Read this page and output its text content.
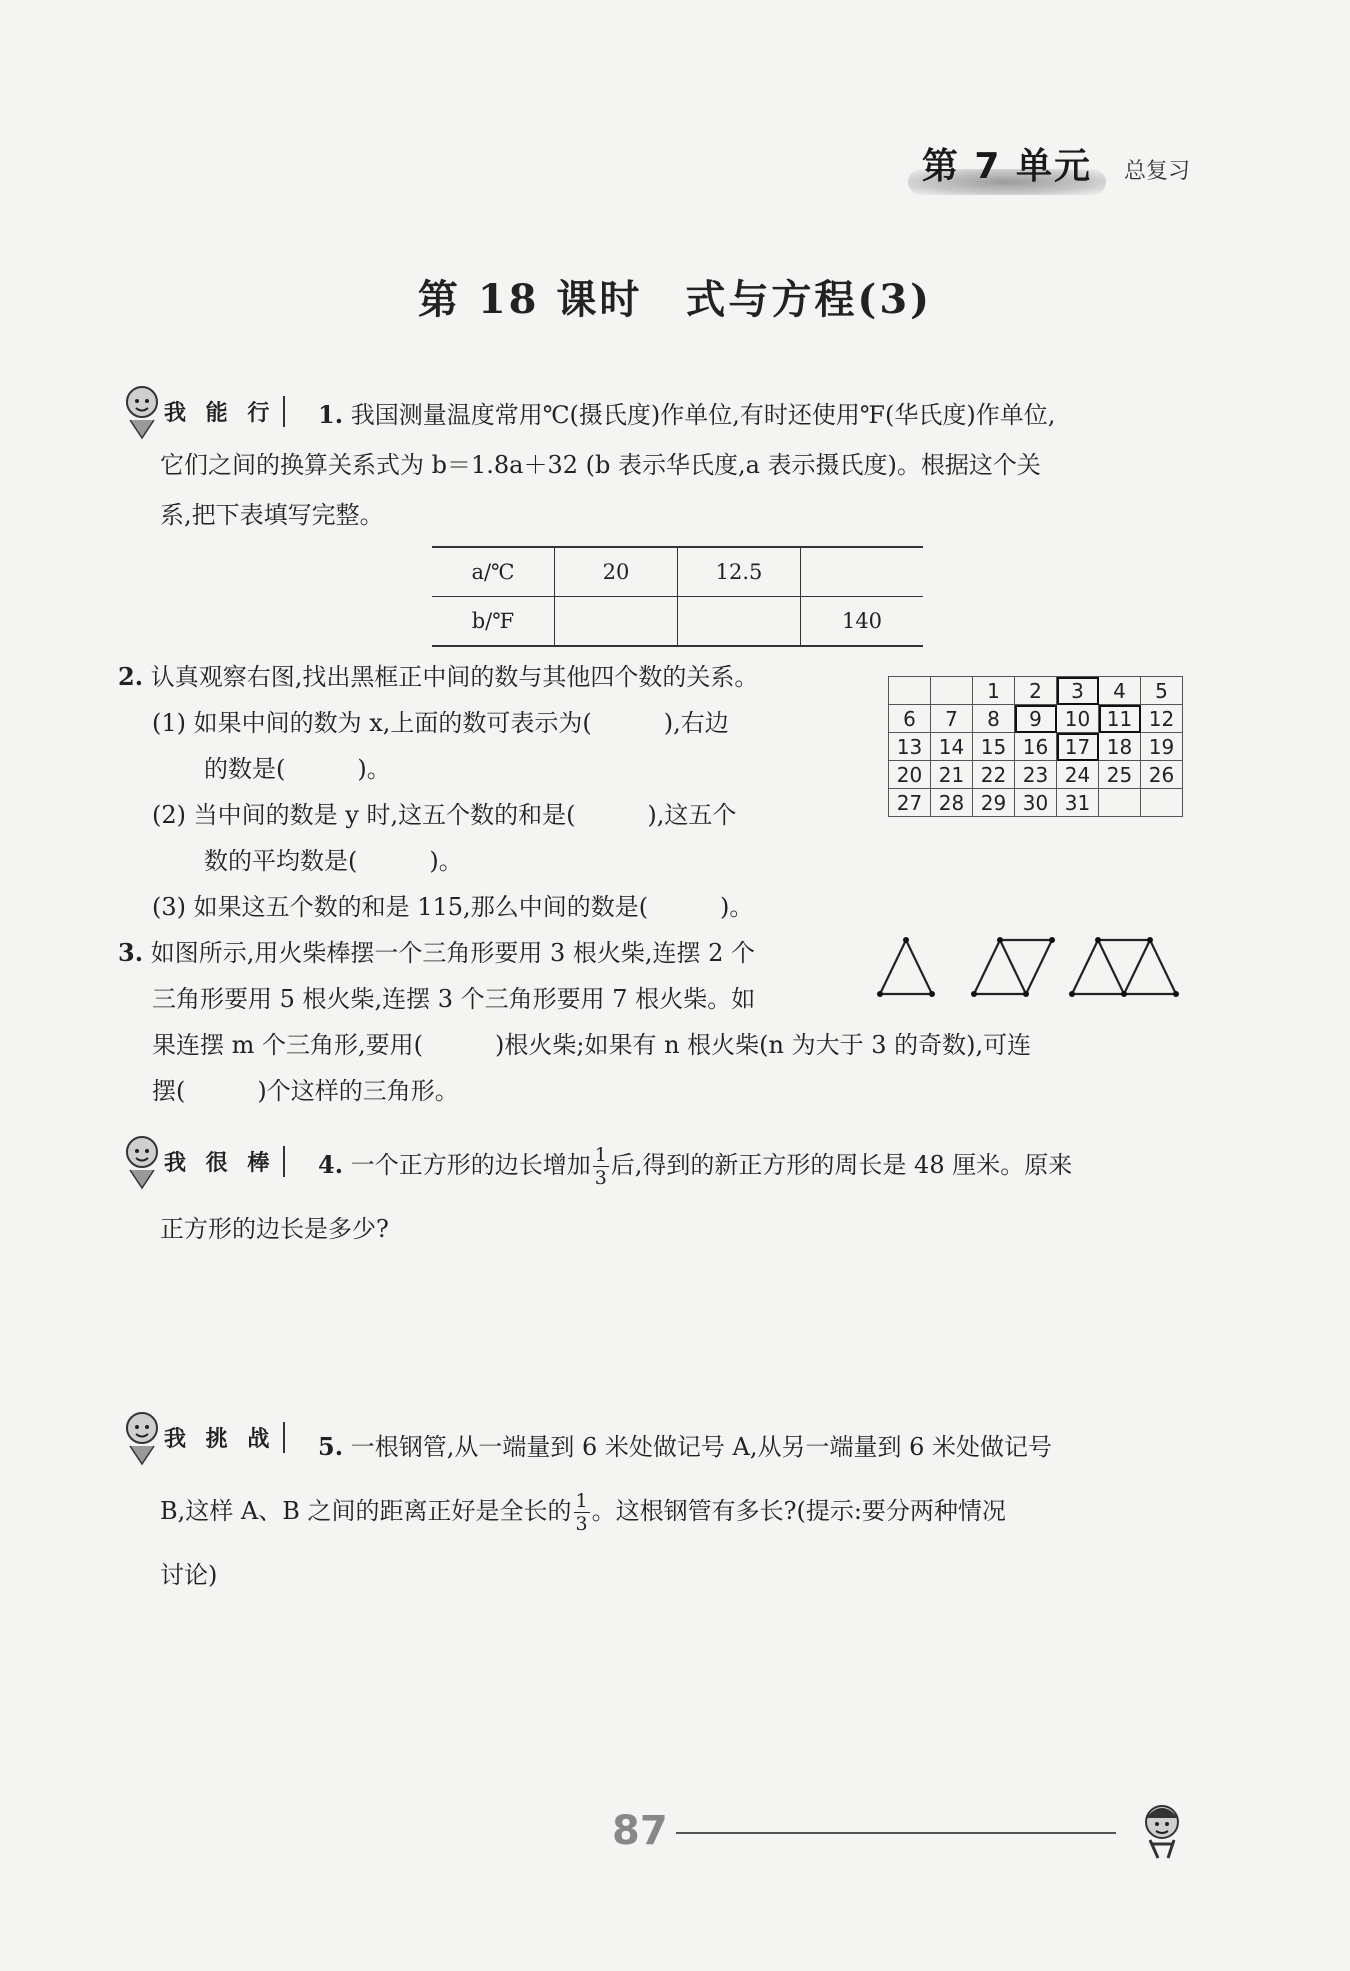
第 7 单元	总复习
第 18 课时　式与方程(3)
我 能 行	1. 我国测量温度常用℃(摄氏度)作单位,有时还使用℉(华氏度)作单位,
它们之间的换算关系式为 b＝1.8a＋32 (b 表示华氏度,a 表示摄氏度)。根据这个关
系,把下表填写完整。
a/℃	20	12.5	
b/℉			140
2. 认真观察右图,找出黑框正中间的数与其他四个数的关系。
(1) 如果中间的数为 x,上面的数可表示为(　　　),右边
的数是(　　　)。
(2) 当中间的数是 y 时,这五个数的和是(　　　),这五个
数的平均数是(　　　)。
(3) 如果这五个数的和是 115,那么中间的数是(　　　)。
		1	2	3	4	5
6	7	8	9	10	11	12
13	14	15	16	17	18	19
20	21	22	23	24	25	26
27	28	29	30	31		
3. 如图所示,用火柴棒摆一个三角形要用 3 根火柴,连摆 2 个
三角形要用 5 根火柴,连摆 3 个三角形要用 7 根火柴。如
果连摆 m 个三角形,要用(　　　)根火柴;如果有 n 根火柴(n 为大于 3 的奇数),可连
摆(　　　)个这样的三角形。
我 很 棒	4. 一个正方形的边长增加 $\frac{1}{3}$ 后,得到的新正方形的周长是 48 厘米。原来
正方形的边长是多少?
我 挑 战	5. 一根钢管,从一端量到 6 米处做记号 A,从另一端量到 6 米处做记号
B,这样 A、B 之间的距离正好是全长的 $\frac{1}{3}$ 。这根钢管有多长?(提示:要分两种情况
讨论)
87
